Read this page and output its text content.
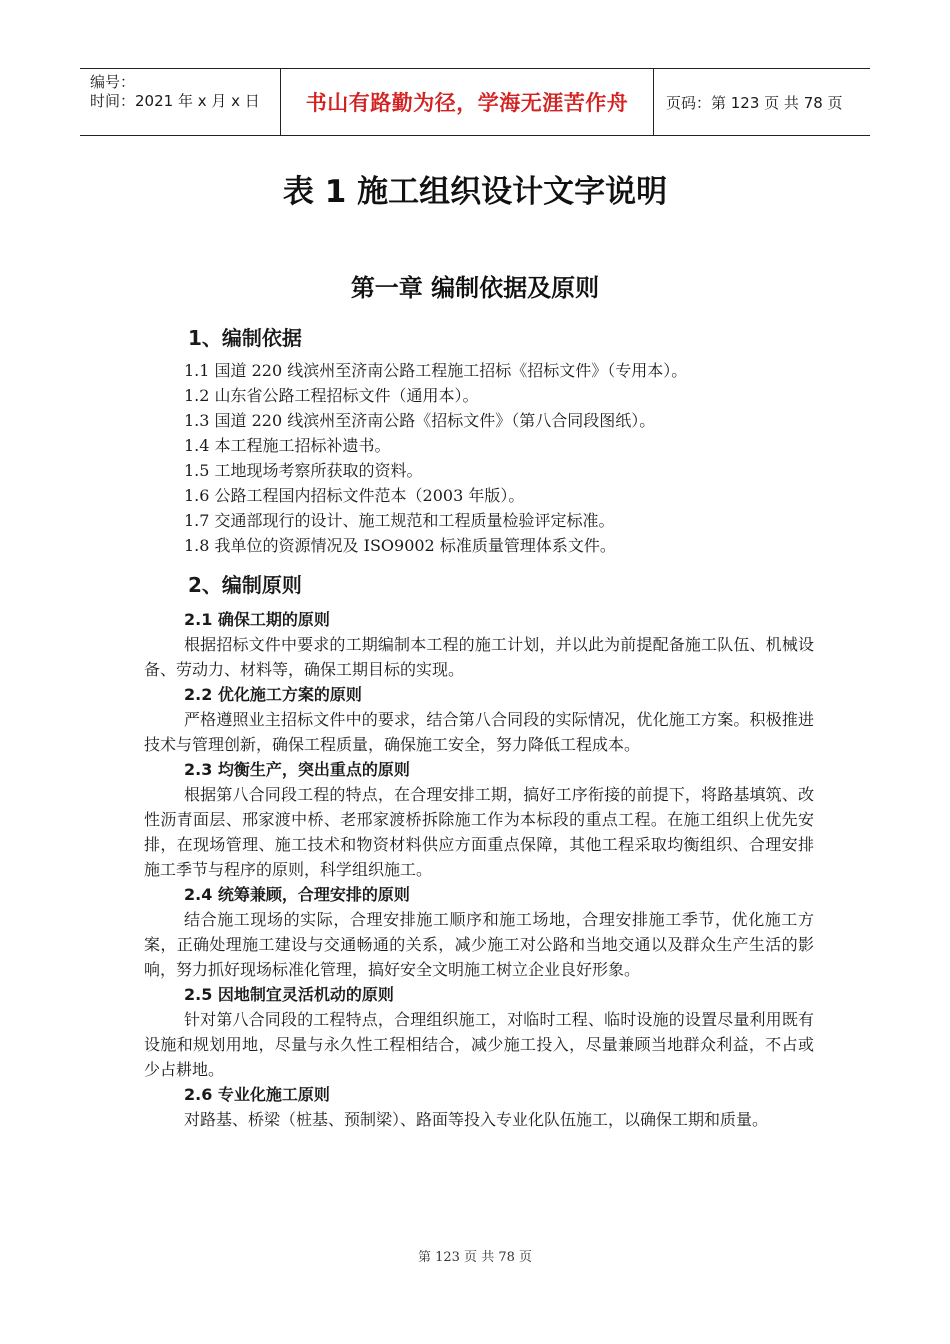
编号：
时间：2021 年 x 月 x 日	书山有路勤为径，学海无涯苦作舟	页码：第 123 页 共 78 页
表 1 施工组织设计文字说明
第一章 编制依据及原则
1、编制依据
1.1 国道 220 线滨州至济南公路工程施工招标《招标文件》（专用本）。
1.2 山东省公路工程招标文件（通用本）。
1.3 国道 220 线滨州至济南公路《招标文件》（第八合同段图纸）。
1.4 本工程施工招标补遗书。
1.5 工地现场考察所获取的资料。
1.6 公路工程国内招标文件范本（2003 年版）。
1.7 交通部现行的设计、施工规范和工程质量检验评定标准。
1.8 我单位的资源情况及 ISO9002 标准质量管理体系文件。
2、编制原则
2.1 确保工期的原则

根据招标文件中要求的工期编制本工程的施工计划，并以此为前提配备施工队伍、机械设备、劳动力、材料等，确保工期目标的实现。

2.2 优化施工方案的原则

严格遵照业主招标文件中的要求，结合第八合同段的实际情况，优化施工方案。积极推进技术与管理创新，确保工程质量，确保施工安全，努力降低工程成本。

2.3 均衡生产，突出重点的原则

根据第八合同段工程的特点，在合理安排工期，搞好工序衔接的前提下，将路基填筑、改性沥青面层、邢家渡中桥、老邢家渡桥拆除施工作为本标段的重点工程。在施工组织上优先安排，在现场管理、施工技术和物资材料供应方面重点保障，其他工程采取均衡组织、合理安排施工季节与程序的原则，科学组织施工。

2.4 统筹兼顾，合理安排的原则

结合施工现场的实际，合理安排施工顺序和施工场地，合理安排施工季节，优化施工方案，正确处理施工建设与交通畅通的关系，减少施工对公路和当地交通以及群众生产生活的影响，努力抓好现场标准化管理，搞好安全文明施工树立企业良好形象。

2.5 因地制宜灵活机动的原则

针对第八合同段的工程特点，合理组织施工，对临时工程、临时设施的设置尽量利用既有设施和规划用地，尽量与永久性工程相结合，减少施工投入，尽量兼顾当地群众利益，不占或少占耕地。

2.6 专业化施工原则

对路基、桥梁（桩基、预制梁）、路面等投入专业化队伍施工，以确保工期和质量。

第 123 页 共 78 页
